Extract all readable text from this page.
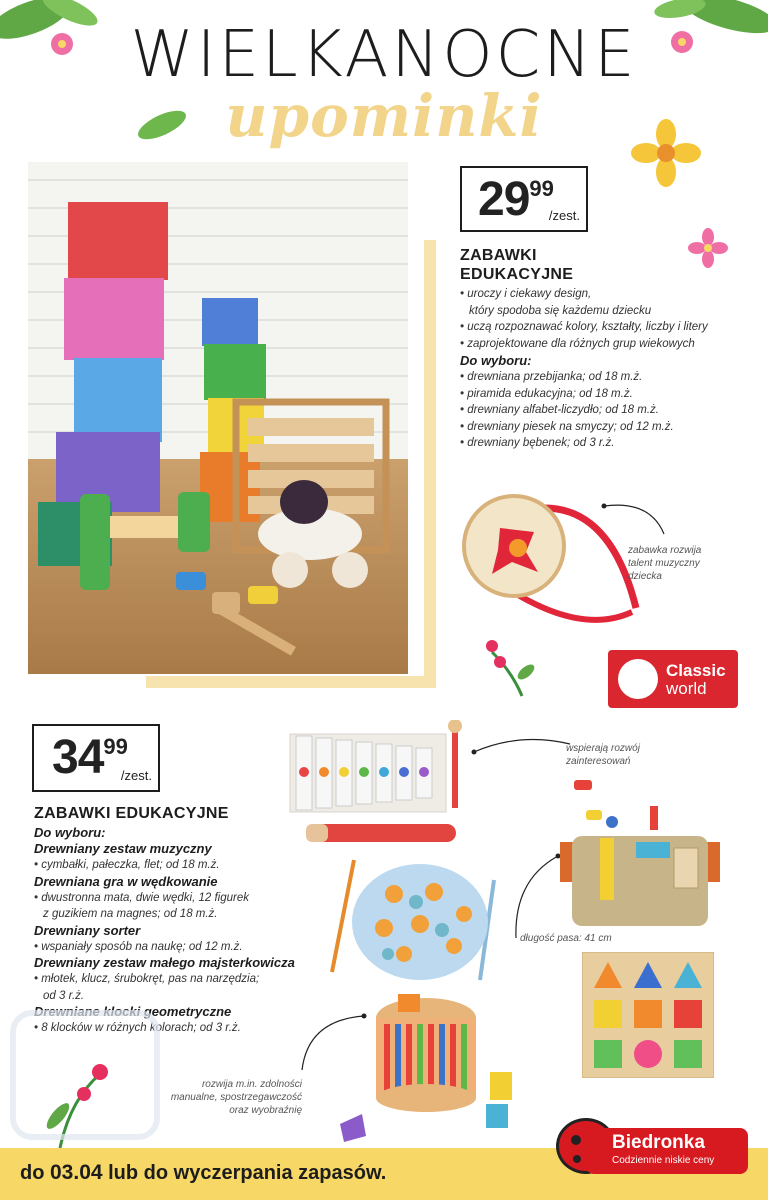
WIELKANOCNE
upominki
29 99
/zest.
ZABAWKI
EDUKACYJNE
• uroczy i ciekawy design,
który spodoba się każdemu dziecku
• uczą rozpoznawać kolory, kształty, liczby i litery
• zaprojektowane dla różnych grup wiekowych
Do wyboru:
• drewniana przebijanka; od 18 m.ż.
• piramida edukacyjna; od 18 m.ż.
• drewniany alfabet-liczydło; od 18 m.ż.
• drewniany piesek na smyczy; od 12 m.ż.
• drewniany bębenek; od 3 r.ż.
zabawka rozwija
talent muzyczny
dziecka
Classic
world
34 99
/zest.
ZABAWKI EDUKACYJNE
Do wyboru:
Drewniany zestaw muzyczny
• cymbałki, pałeczka, flet; od 18 m.ż.
Drewniana gra w wędkowanie
• dwustronna mata, dwie wędki, 12 figurek
z guzikiem na magnes; od 18 m.ż.
Drewniany sorter
• wspaniały sposób na naukę; od 12 m.ż.
Drewniany zestaw małego majsterkowicza
• młotek, klucz, śrubokręt, pas na narzędzia;
od 3 r.ż.
Drewniane klocki geometryczne
• 8 klocków w różnych kolorach; od 3 r.ż.
wspierają rozwój
zainteresowań
długość pasa: 41 cm
rozwija m.in. zdolności
manualne, spostrzegawczość
oraz wyobraźnię
do 03.04 lub do wyczerpania zapasów.
Biedronka
Codziennie niskie ceny
